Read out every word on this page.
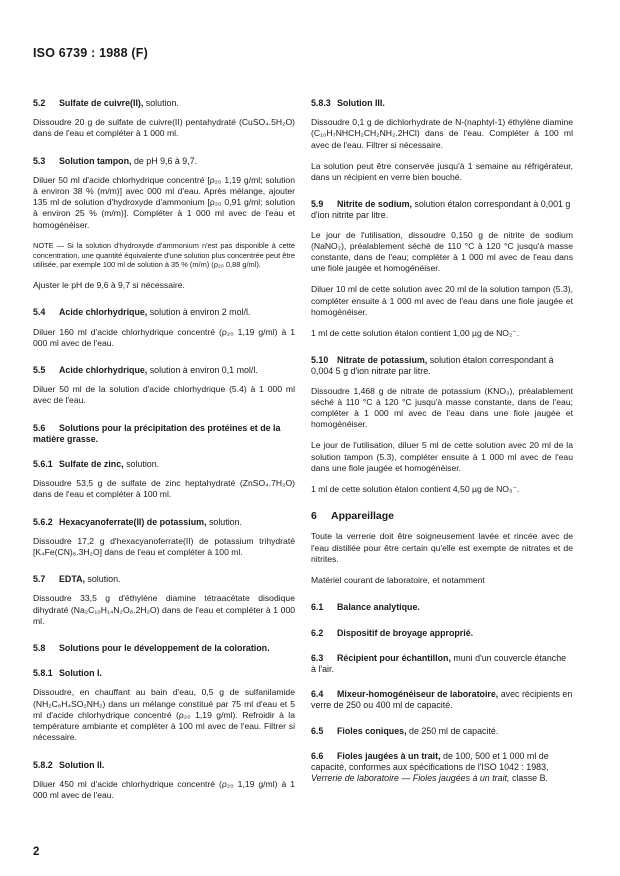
ISO 6739 : 1988 (F)
5.2 Sulfate de cuivre(II), solution.

Dissoudre 20 g de sulfate de cuivre(II) pentahydraté (CuSO₄.5H₂O) dans de l'eau et compléter à 1 000 ml.

5.3 Solution tampon, de pH 9,6 à 9,7.

Diluer 50 ml d'acide chlorhydrique concentré [ρ₂₀ 1,19 g/ml; solution à environ 38 % (m/m)] avec 000 ml d'eau. Après mélange, ajouter 135 ml de solution d'hydroxyde d'ammonium [ρ₂₀ 0,91 g/ml; solution à environ 25 % (m/m)]. Compléter à 1 000 ml avec de l'eau et homogénéiser.

NOTE — Si la solution d'hydroxyde d'ammonium n'est pas disponible à cette concentration, une quantité équivalente d'une solution plus concentrée peut être utilisée, par exemple 100 ml de solution à 35 % (m/m) (ρ₂₀ 0,88 g/ml).

Ajuster le pH de 9,6 à 9,7 si nécessaire.

5.4 Acide chlorhydrique, solution à environ 2 mol/l.

Diluer 160 ml d'acide chlorhydrique concentré (ρ₂₀ 1,19 g/ml) à 1 000 ml avec de l'eau.

5.5 Acide chlorhydrique, solution à environ 0,1 mol/l.

Diluer 50 ml de la solution d'acide chlorhydrique (5.4) à 1 000 ml avec de l'eau.

5.6 Solutions pour la précipitation des protéines et de la matière grasse.
5.6.1 Sulfate de zinc, solution.

Dissoudre 53,5 g de sulfate de zinc heptahydraté (ZnSO₄.7H₂O) dans de l'eau et compléter à 100 ml.

5.6.2 Hexacyanoferrate(II) de potassium, solution.

Dissoudre 17,2 g d'hexacyanoferrate(II) de potassium trihydraté [K₄Fe(CN)₆.3H₂O] dans de l'eau et compléter à 100 ml.

5.7 EDTA, solution.

Dissoudre 33,5 g d'éthylène diamine tétraacétate disodique dihydraté (Na₂C₁₀H₁₄N₂O₈.2H₂O) dans de l'eau et compléter à 1 000 ml.

5.8 Solutions pour le développement de la coloration.
5.8.1 Solution I.

Dissoudre, en chauffant au bain d'eau, 0,5 g de sulfanilamide (NH₂C₆H₄SO₂NH₂) dans un mélange constitué par 75 ml d'eau et 5 ml d'acide chlorhydrique concentré (ρ₂₀ 1,19 g/ml). Refroidir à la température ambiante et compléter à 100 ml avec de l'eau. Filtrer si nécessaire.

5.8.2 Solution II.

Diluer 450 ml d'acide chlorhydrique concentré (ρ₂₀ 1,19 g/ml) à 1 000 ml avec de l'eau.

5.8.3 Solution III.

Dissoudre 0,1 g de dichlorhydrate de N-(naphtyl-1) éthylène diamine (C₁₀H₇NHCH₂CH₂NH₂.2HCl) dans de l'eau. Compléter à 100 ml avec de l'eau. Filtrer si nécessaire.

La solution peut être conservée jusqu'à 1 semaine au réfrigérateur, dans un récipient en verre bien bouché.

5.9 Nitrite de sodium, solution étalon correspondant à 0,001 g d'ion nitrite par litre.

Le jour de l'utilisation, dissoudre 0,150 g de nitrite de sodium (NaNO₂), préalablement séché de 110 °C à 120 °C jusqu'à masse constante, dans de l'eau; compléter à 1 000 ml avec de l'eau dans une fiole jaugée et homogénéiser.

Diluer 10 ml de cette solution avec 20 ml de la solution tampon (5.3), compléter ensuite à 1 000 ml avec de l'eau dans une fiole jaugée et homogénéiser.

1 ml de cette solution étalon contient 1,00 µg de NO₂⁻.

5.10 Nitrate de potassium, solution étalon correspondant à 0,004 5 g d'ion nitrate par litre.

Dissoudre 1,468 g de nitrate de potassium (KNO₃), préalablement séché à 110 °C à 120 °C jusqu'à masse constante, dans de l'eau; compléter à 1 000 ml avec de l'eau dans une fiole jaugée et homogénéiser.

Le jour de l'utilisation, diluer 5 ml de cette solution avec 20 ml de la solution tampon (5.3), compléter ensuite à 1 000 ml avec de l'eau dans une fiole jaugée et homogénéiser.

1 ml de cette solution étalon contient 4,50 µg de NO₃⁻.

6 Appareillage

Toute la verrerie doit être soigneusement lavée et rincée avec de l'eau distillée pour être certain qu'elle est exempte de nitrates et de nitrites.

Matériel courant de laboratoire, et notamment

6.1 Balance analytique.
6.2 Dispositif de broyage approprié.
6.3 Récipient pour échantillon, muni d'un couvercle étanche à l'air.
6.4 Mixeur-homogénéiseur de laboratoire, avec récipients en verre de 250 ou 400 ml de capacité.
6.5 Fioles coniques, de 250 ml de capacité.
6.6 Fioles jaugées à un trait, de 100, 500 et 1 000 ml de capacité, conformes aux spécifications de l'ISO 1042 : 1983, Verrerie de laboratoire — Fioles jaugées à un trait, classe B.
2
